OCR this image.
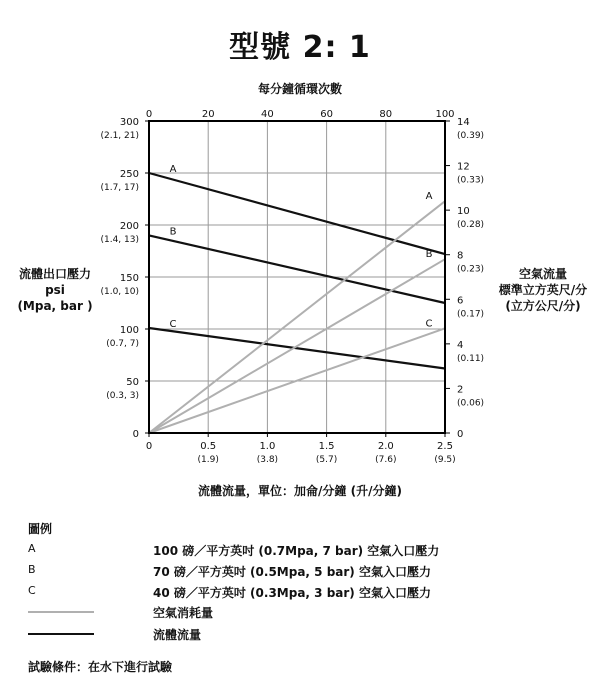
A
B
C
A
B
C
0	0.5
(1.9)
1.0
(3.8)
1.5
(5.7)
2.0
(7.6)
2.5
(9.5)
0	20	40	60	80	100
0
50
(0.3, 3)
100
(0.7, 7)
150
(1.0, 10)
200
(1.4, 13)
250
(1.7, 17)
300
(2.1, 21)
0
2
(0.06)
4
(0.11)
6
(0.17)
8
(0.23)
10
(0.28)
12
(0.33)
14
(0.39)
型號 2: 1
每分鐘循環次數
流體出口壓力
psi
(Mpa, bar )
空氣流量
標準立方英尺/分
(立方公尺/分)
流體流量，單位：加侖/分鐘 (升/分鐘)
圖例
A	100 磅／平方英吋 (0.7Mpa, 7 bar) 空氣入口壓力
B	70 磅／平方英吋 (0.5Mpa, 5 bar) 空氣入口壓力
C	40 磅／平方英吋 (0.3Mpa, 3 bar) 空氣入口壓力
空氣消耗量
流體流量
試驗條件：在水下進行試驗
